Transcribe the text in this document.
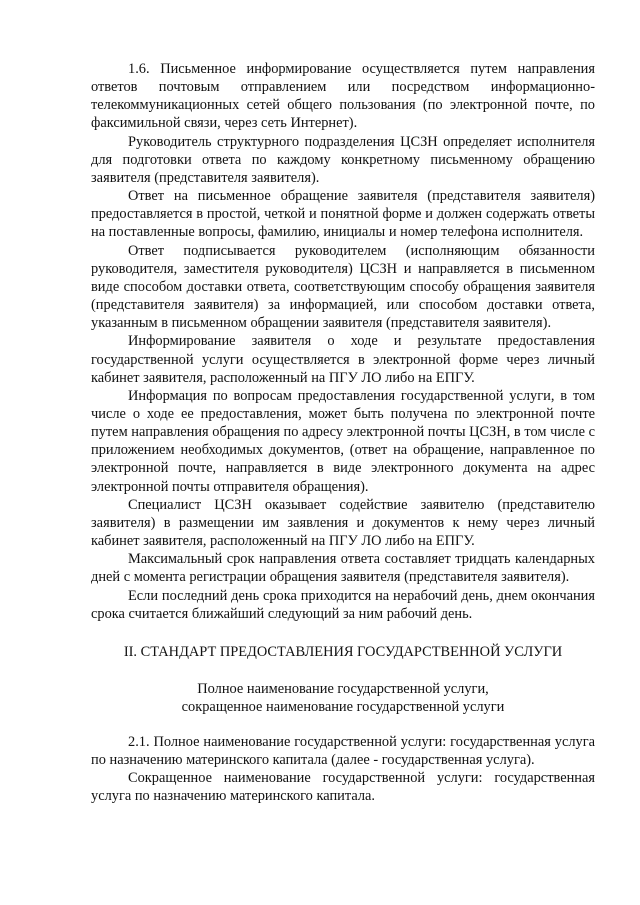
1.6. Письменное информирование осуществляется путем направления ответов почтовым отправлением или посредством информационно-телекоммуникационных сетей общего пользования (по электронной почте, по факсимильной связи, через сеть Интернет).

Руководитель структурного подразделения ЦСЗН определяет исполнителя для подготовки ответа по каждому конкретному письменному обращению заявителя (представителя заявителя).

Ответ на письменное обращение заявителя (представителя заявителя) предоставляется в простой, четкой и понятной форме и должен содержать ответы на поставленные вопросы, фамилию, инициалы и номер телефона исполнителя.

Ответ подписывается руководителем (исполняющим обязанности руководителя, заместителя руководителя) ЦСЗН и направляется в письменном виде способом доставки ответа, соответствующим способу обращения заявителя (представителя заявителя) за информацией, или способом доставки ответа, указанным в письменном обращении заявителя (представителя заявителя).

Информирование заявителя о ходе и результате предоставления государственной услуги осуществляется в электронной форме через личный кабинет заявителя, расположенный на ПГУ ЛО либо на ЕПГУ.

Информация по вопросам предоставления государственной услуги, в том числе о ходе ее предоставления, может быть получена по электронной почте путем направления обращения по адресу электронной почты ЦСЗН, в том числе с приложением необходимых документов, (ответ на обращение, направленное по электронной почте, направляется в виде электронного документа на адрес электронной почты отправителя обращения).

Специалист ЦСЗН оказывает содействие заявителю (представителю заявителя) в размещении им заявления и документов к нему через личный кабинет заявителя, расположенный на ПГУ ЛО либо на ЕПГУ.

Максимальный срок направления ответа составляет тридцать календарных дней с момента регистрации обращения заявителя (представителя заявителя).

Если последний день срока приходится на нерабочий день, днем окончания срока считается ближайший следующий за ним рабочий день.

II. СТАНДАРТ ПРЕДОСТАВЛЕНИЯ ГОСУДАРСТВЕННОЙ УСЛУГИ
Полное наименование государственной услуги,
сокращенное наименование государственной услуги

2.1. Полное наименование государственной услуги: государственная услуга по назначению материнского капитала (далее - государственная услуга).

Сокращенное наименование государственной услуги: государственная услуга по назначению материнского капитала.
